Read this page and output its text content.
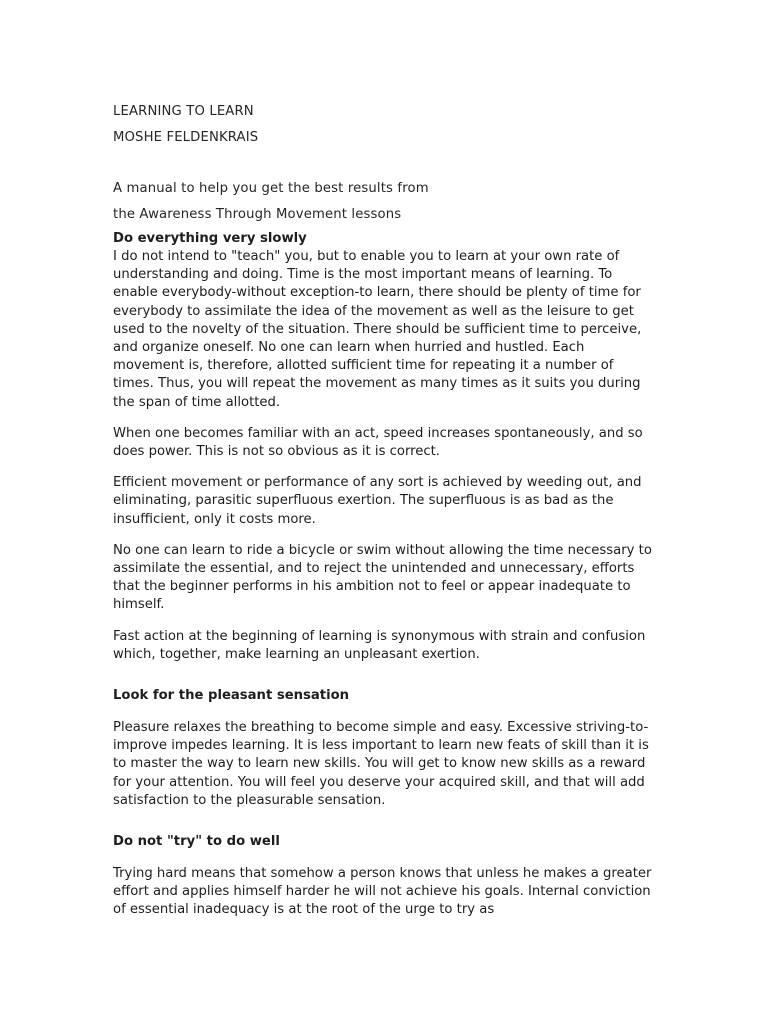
LEARNING TO LEARN

MOSHE FELDENKRAIS

A manual to help you get the best results from

the Awareness Through Movement lessons

Do everything very slowly

I do not intend to "teach" you, but to enable you to learn at your own rate of understanding and doing. Time is the most important means of learning. To enable everybody-without exception-to learn, there should be plenty of time for everybody to assimilate the idea of the movement as well as the leisure to get used to the novelty of the situation. There should be sufficient time to perceive, and organize oneself. No one can learn when hurried and hustled. Each movement is, therefore, allotted sufficient time for repeating it a number of times. Thus, you will repeat the movement as many times as it suits you during the span of time allotted.

When one becomes familiar with an act, speed increases spontaneously, and so does power. This is not so obvious as it is correct.

Efficient movement or performance of any sort is achieved by weeding out, and eliminating, parasitic superfluous exertion. The superfluous is as bad as the insufficient, only it costs more.

No one can learn to ride a bicycle or swim without allowing the time necessary to assimilate the essential, and to reject the unintended and unnecessary, efforts that the beginner performs in his ambition not to feel or appear inadequate to himself.

Fast action at the beginning of learning is synonymous with strain and confusion which, together, make learning an unpleasant exertion.

Look for the pleasant sensation

Pleasure relaxes the breathing to become simple and easy. Excessive striving-to-improve impedes learning. It is less important to learn new feats of skill than it is to master the way to learn new skills. You will get to know new skills as a reward for your attention. You will feel you deserve your acquired skill, and that will add satisfaction to the pleasurable sensation.

Do not "try" to do well

Trying hard means that somehow a person knows that unless he makes a greater effort and applies himself harder he will not achieve his goals. Internal conviction of essential inadequacy is at the root of the urge to try as
